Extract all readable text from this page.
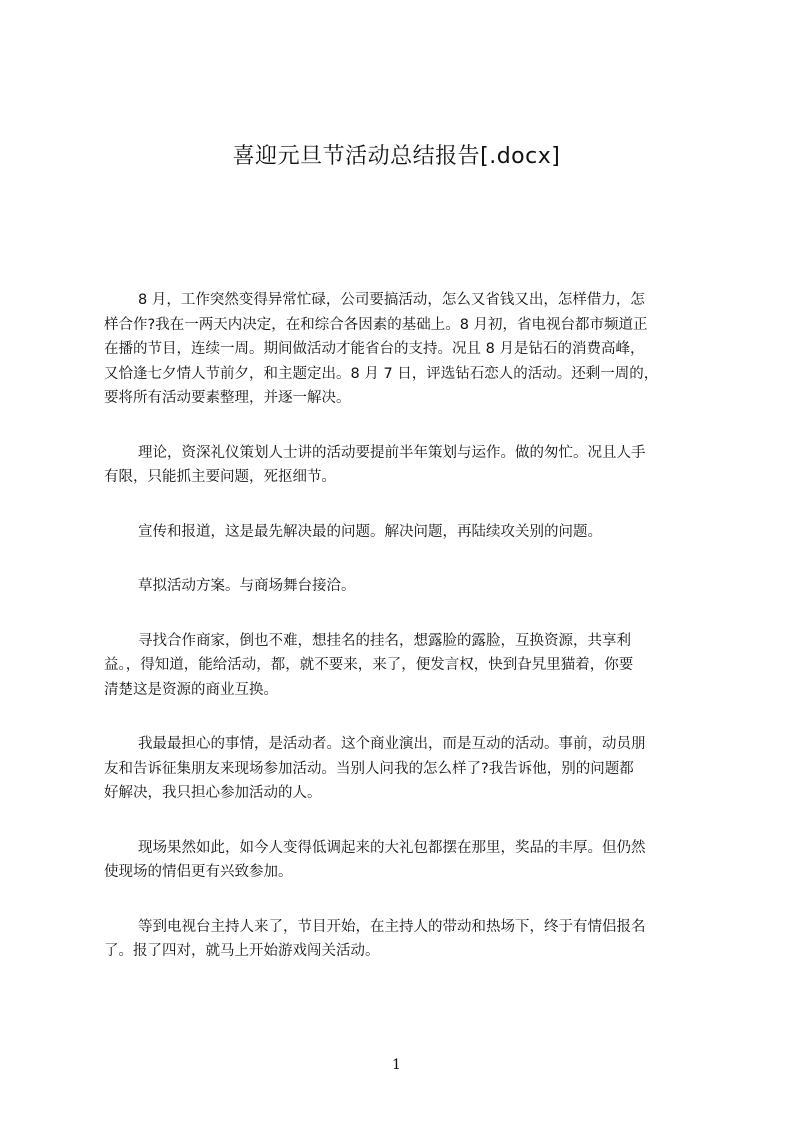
喜迎元旦节活动总结报告[.docx]
8 月，工作突然变得异常忙碌，公司要搞活动，怎么又省钱又出，怎样借力，怎
样合作?我在一两天内决定，在和综合各因素的基础上。8 月初，省电视台都市频道正
在播的节目，连续一周。期间做活动才能省台的支持。况且 8 月是钻石的消费高峰，
又恰逢七夕情人节前夕，和主题定出。8 月 7 日，评选钻石恋人的活动。还剩一周的，
要将所有活动要素整理，并逐一解决。
理论，资深礼仪策划人士讲的活动要提前半年策划与运作。做的匆忙。况且人手
有限，只能抓主要问题，死抠细节。
宣传和报道，这是最先解决最的问题。解决问题，再陆续攻关别的问题。
草拟活动方案。与商场舞台接洽。
寻找合作商家，倒也不难，想挂名的挂名，想露脸的露脸，互换资源，共享利
益。，得知道，能给活动，都，就不要来，来了，便发言权，快到旮旯里猫着，你要
清楚这是资源的商业互换。
我最最担心的事情，是活动者。这个商业演出，而是互动的活动。事前，动员朋
友和告诉征集朋友来现场参加活动。当别人问我的怎么样了?我告诉他，别的问题都
好解决，我只担心参加活动的人。
现场果然如此，如今人变得低调起来的大礼包都摆在那里，奖品的丰厚。但仍然
使现场的情侣更有兴致参加。
等到电视台主持人来了，节目开始，在主持人的带动和热场下，终于有情侣报名
了。报了四对，就马上开始游戏闯关活动。
1
